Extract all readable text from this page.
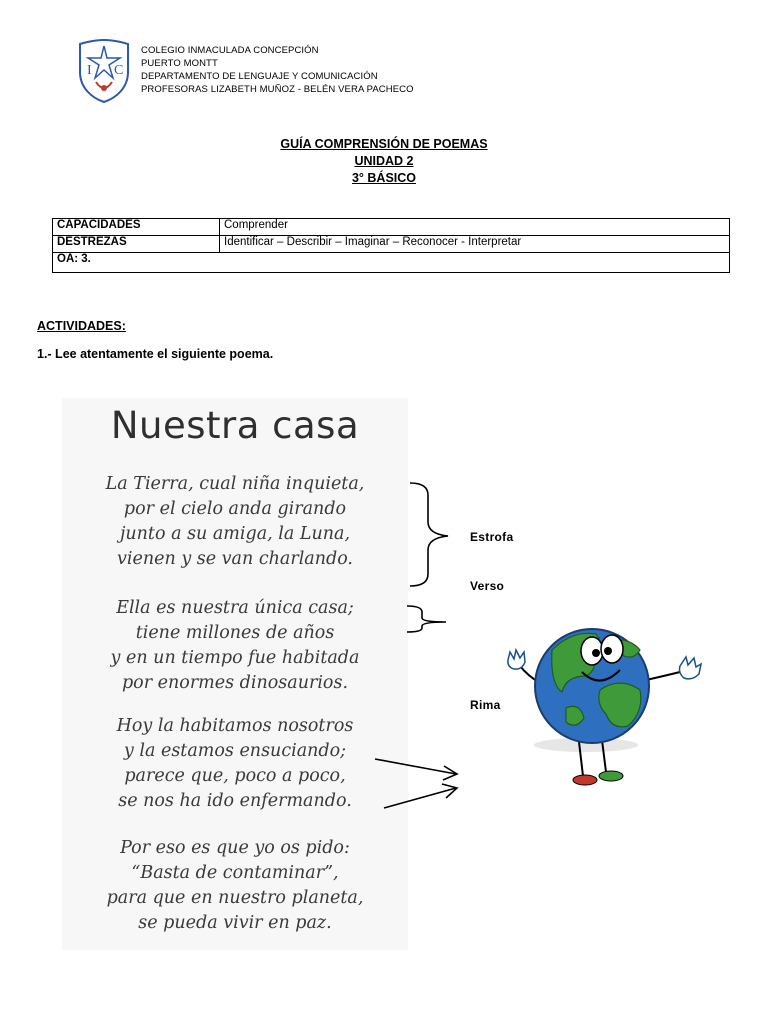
I C
COLEGIO INMACULADA CONCEPCIÓN
PUERTO MONTT
DEPARTAMENTO DE LENGUAJE Y COMUNICACIÓN
PROFESORAS LIZABETH MUÑOZ - BELÉN VERA PACHECO
GUÍA COMPRENSIÓN DE POEMAS
UNIDAD 2
3° BÁSICO
CAPACIDADES	Comprender
DESTREZAS	Identificar – Describir – Imaginar – Reconocer - Interpretar
OA: 3.	
ACTIVIDADES:
1.- Lee atentamente el siguiente poema.
Nuestra casa
La Tierra, cual niña inquieta,
por el cielo anda girando
junto a su amiga, la Luna,
vienen y se van charlando.
Ella es nuestra única casa;
tiene millones de años
y en un tiempo fue habitada
por enormes dinosaurios.
Hoy la habitamos nosotros
y la estamos ensuciando;
parece que, poco a poco,
se nos ha ido enfermando.
Por eso es que yo os pido:
“Basta de contaminar”,
para que en nuestro planeta,
se pueda vivir en paz.
Estrofa
Verso
Rima
